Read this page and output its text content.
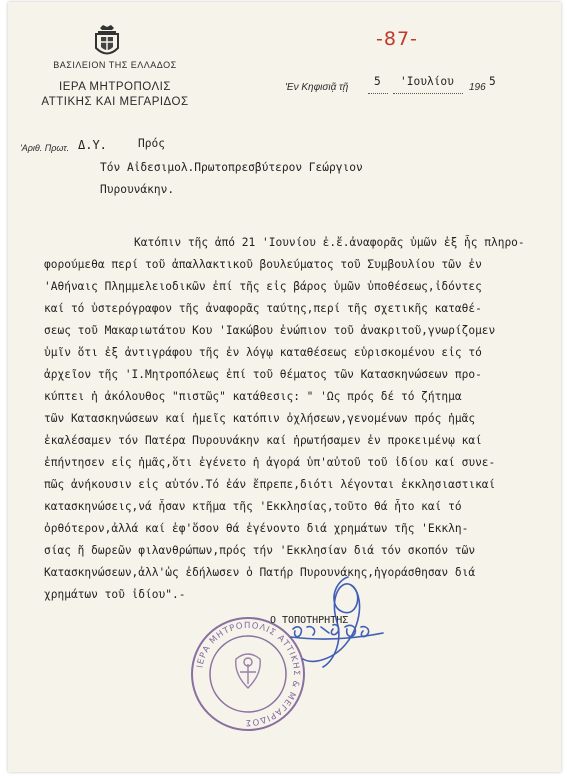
-87-
ΒΑΣΙΛΕΙΟΝ ΤΗΣ ΕΛΛΑΔΟΣ
ΙΕΡΑ ΜΗΤΡΟΠΟΛΙΣ
ΑΤΤΙΚΗΣ ΚΑΙ ΜΕΓΑΡΙΔΟΣ
'Αριθ. Πρωτ. Δ.Υ.
'Εν Κηφισιᾷ τῇ 5 'Ιουλίου 196 5
Πρός
Τόν Αἰδεσιμολ.Πρωτοπρεσβύτερον Γεώργιον
Πυρουνάκην.
Κατόπιν τῆς ἀπό 21 'Ιουνίου ἐ.ἔ.ἀναφορᾶς ὑμῶν ἐξ ἧς πληρο-
φορούμεθα περί τοῦ ἀπαλλακτικοῦ βουλεύματος τοῦ Συμβουλίου τῶν ἐν
'Αθήναις Πλημμελειοδικῶν ἐπί τῆς εἰς βάρος ὑμῶν ὑποθέσεως,ἰδόντες
καί τό ὑστερόγραφον τῆς ἀναφορᾶς ταύτης,περί τῆς σχετικῆς καταθέ-
σεως τοῦ Μακαριωτάτου Κου 'Ιακώβου ἐνώπιον τοῦ ἀνακριτοῦ,γνωρίζομεν
ὑμῖν ὅτι ἐξ ἀντιγράφου τῆς ἐν λόγῳ καταθέσεως εὑρισκομένου εἰς τό
ἀρχεῖον τῆς 'Ι.Μητροπόλεως ἐπί τοῦ θέματος τῶν Κατασκηνώσεων προ-
κύπτει ἡ ἀκόλουθος "πιστῶς" κατάθεσις: " 'Ως πρός δέ τό ζήτημα
τῶν Κατασκηνώσεων καί ἡμεῖς κατόπιν ὀχλήσεων,γενομένων πρός ἡμᾶς
ἐκαλέσαμεν τόν Πατέρα Πυρουνάκην καί ἠρωτήσαμεν ἐν προκειμένῳ καί
ἐπήντησεν εἰς ἡμᾶς,ὅτι ἐγένετο ἡ ἀγορά ὑπ'αὐτοῦ τοῦ ἰδίου καί συνε-
πῶς ἀνήκουσιν εἰς αὐτόν.Τό ἐάν ἔπρεπε,διότι λέγονται ἐκκλησιαστικαί
κατασκηνώσεις,νά ἦσαν κτῆμα τῆς 'Εκκλησίας,τοῦτο θά ἦτο καί τό
ὀρθότερον,ἀλλά καί ἐφ'ὅσον θά ἐγένοντο διά χρημάτων τῆς 'Εκκλη-
σίας ἤ δωρεῶν φιλανθρώπων,πρός τήν 'Εκκλησίαν διά τόν σκοπόν τῶν
Κατασκηνώσεων,ἀλλ'ὡς ἐδήλωσεν ὁ Πατήρ Πυρουνάκης,ἠγοράσθησαν διά
χρημάτων τοῦ ἰδίου".-
ΙΕΡΑ ΜΗΤΡΟΠΟΛΙΣ ΑΤΤΙΚΗΣ & ΜΕΓΑΡΙΔΟΣ
Ο ΤΟΠΟΤΗΡΗΤΗΣ
